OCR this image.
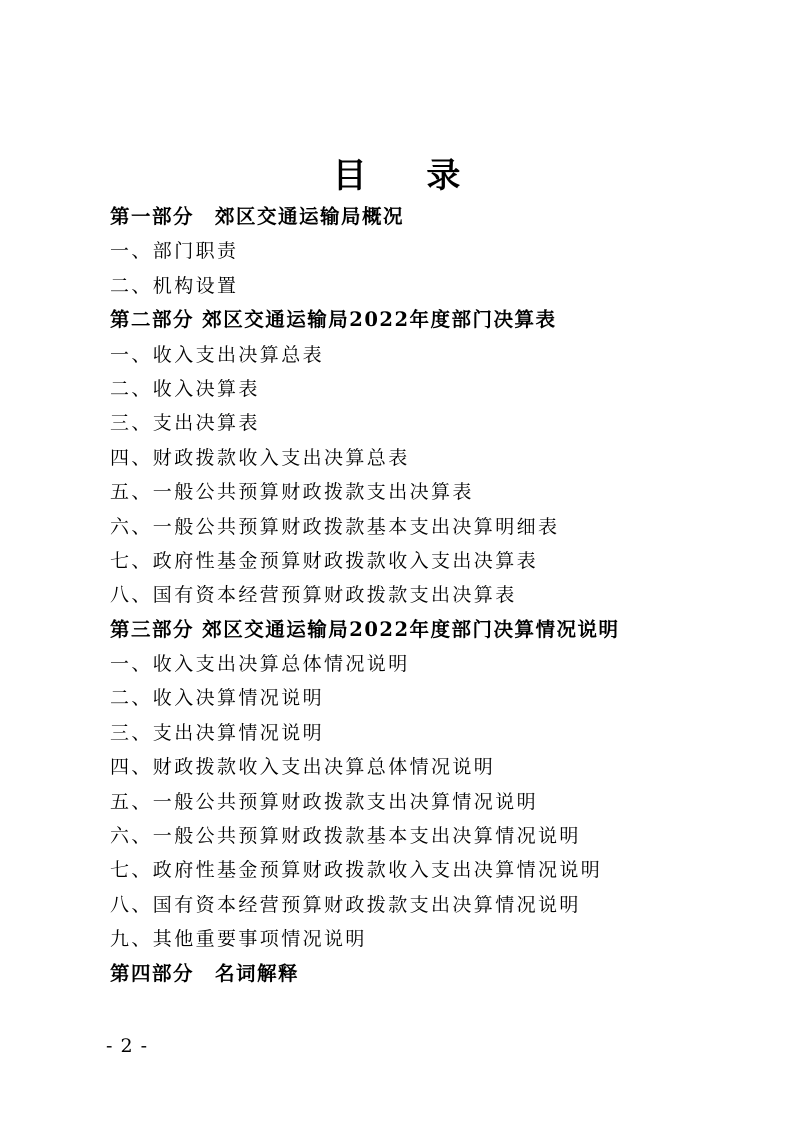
目 录
第一部分　郊区交通运输局概况
一、部门职责
二、机构设置
第二部分 郊区交通运输局2022年度部门决算表
一、收入支出决算总表
二、收入决算表
三、支出决算表
四、财政拨款收入支出决算总表
五、一般公共预算财政拨款支出决算表
六、一般公共预算财政拨款基本支出决算明细表
七、政府性基金预算财政拨款收入支出决算表
八、国有资本经营预算财政拨款支出决算表
第三部分 郊区交通运输局2022年度部门决算情况说明
一、收入支出决算总体情况说明
二、收入决算情况说明
三、支出决算情况说明
四、财政拨款收入支出决算总体情况说明
五、一般公共预算财政拨款支出决算情况说明
六、一般公共预算财政拨款基本支出决算情况说明
七、政府性基金预算财政拨款收入支出决算情况说明
八、国有资本经营预算财政拨款支出决算情况说明
九、其他重要事项情况说明
第四部分　名词解释

- 2 -
